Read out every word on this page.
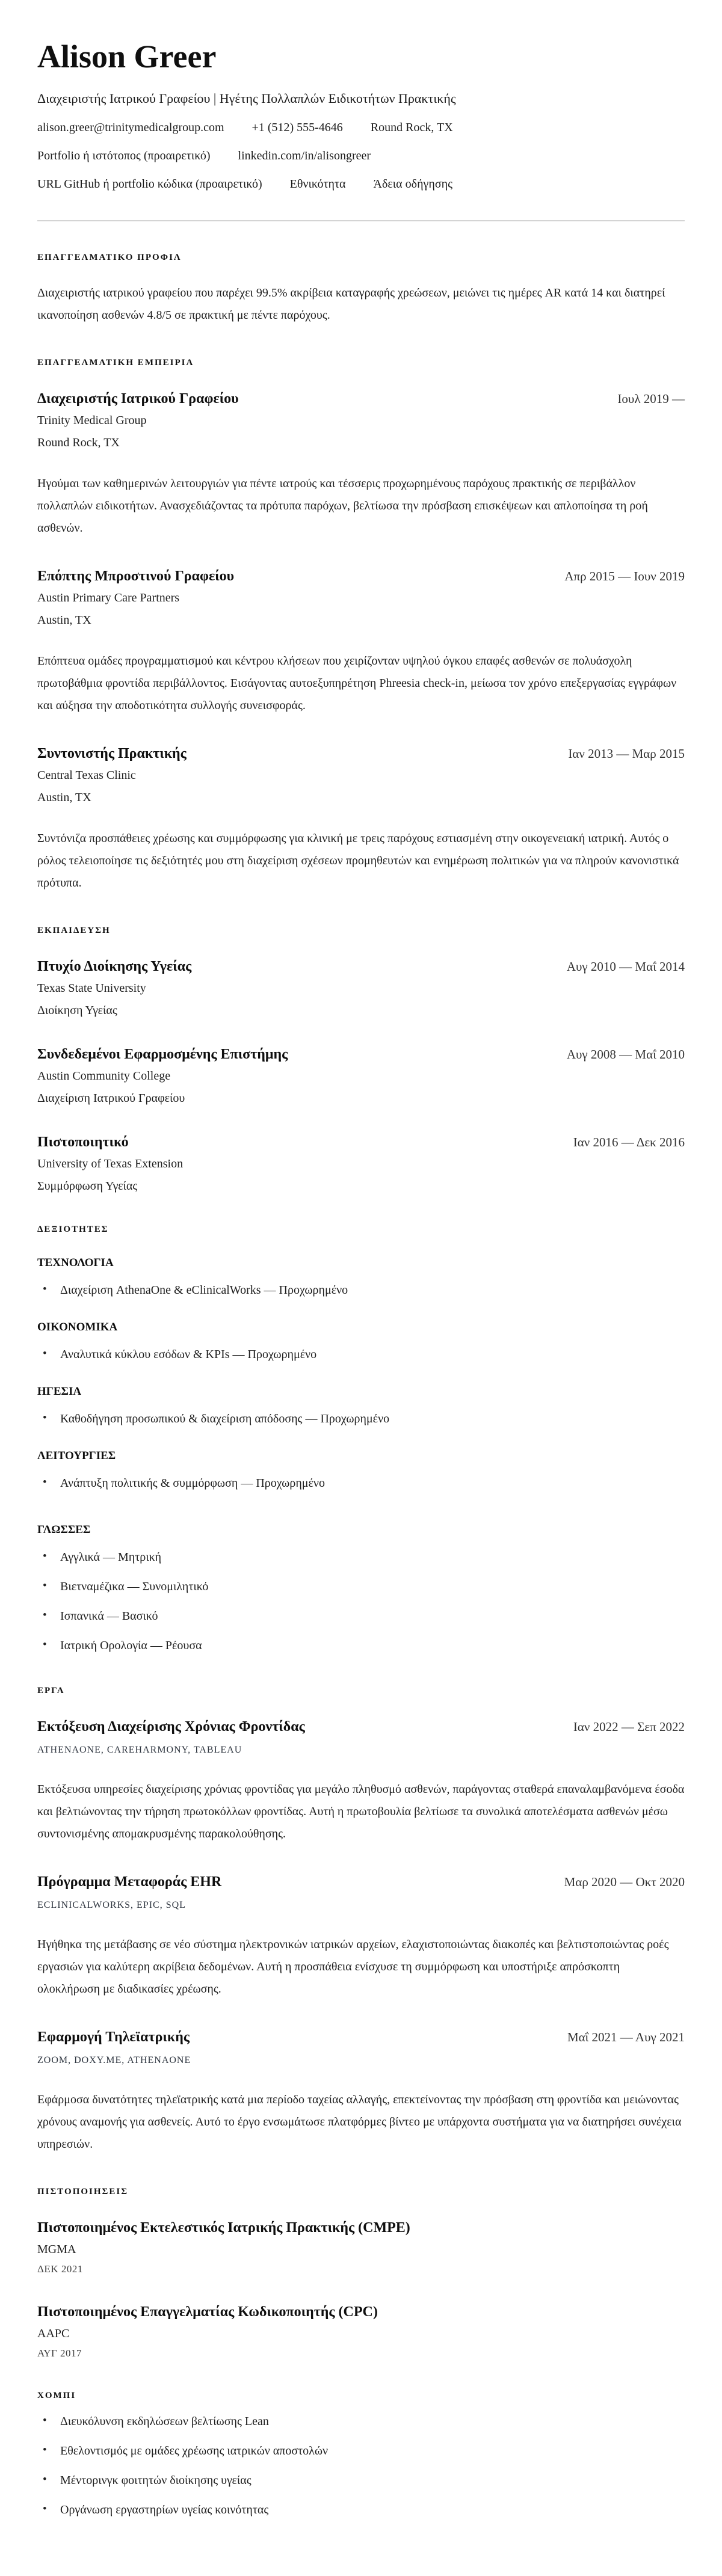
Alison Greer
Διαχειριστής Ιατρικού Γραφείου | Ηγέτης Πολλαπλών Ειδικοτήτων Πρακτικής
alison.greer@trinitymedicalgroup.com +1 (512) 555-4646 Round Rock, TX
Portfolio ή ιστότοπος (προαιρετικό) linkedin.com/in/alisongreer
URL GitHub ή portfolio κώδικα (προαιρετικό) Εθνικότητα Άδεια οδήγησης
ΕΠΑΓΓΕΛΜΑΤΙΚΟ ΠΡΟΦΙΛ
Διαχειριστής ιατρικού γραφείου που παρέχει 99.5% ακρίβεια καταγραφής χρεώσεων, μειώνει τις ημέρες AR κατά 14 και διατηρεί ικανοποίηση ασθενών 4.8/5 σε πρακτική με πέντε παρόχους.
ΕΠΑΓΓΕΛΜΑΤΙΚΗ ΕΜΠΕΙΡΙΑ
Διαχειριστής Ιατρικού Γραφείου	Ιουλ 2019 —
Trinity Medical Group
Round Rock, TX
Ηγούμαι των καθημερινών λειτουργιών για πέντε ιατρούς και τέσσερις προχωρημένους παρόχους πρακτικής σε περιβάλλον πολλαπλών ειδικοτήτων. Ανασχεδιάζοντας τα πρότυπα παρόχων, βελτίωσα την πρόσβαση επισκέψεων και απλοποίησα τη ροή ασθενών.
Επόπτης Μπροστινού Γραφείου	Απρ 2015 — Ιουν 2019
Austin Primary Care Partners
Austin, TX
Επόπτευα ομάδες προγραμματισμού και κέντρου κλήσεων που χειρίζονταν υψηλού όγκου επαφές ασθενών σε πολυάσχολη πρωτοβάθμια φροντίδα περιβάλλοντος. Εισάγοντας αυτοεξυπηρέτηση Phreesia check-in, μείωσα τον χρόνο επεξεργασίας εγγράφων και αύξησα την αποδοτικότητα συλλογής συνεισφοράς.
Συντονιστής Πρακτικής	Ιαν 2013 — Μαρ 2015
Central Texas Clinic
Austin, TX
Συντόνιζα προσπάθειες χρέωσης και συμμόρφωσης για κλινική με τρεις παρόχους εστιασμένη στην οικογενειακή ιατρική. Αυτός ο ρόλος τελειοποίησε τις δεξιότητές μου στη διαχείριση σχέσεων προμηθευτών και ενημέρωση πολιτικών για να πληρούν κανονιστικά πρότυπα.
ΕΚΠΑΙΔΕΥΣΗ
Πτυχίο Διοίκησης Υγείας	Αυγ 2010 — Μαΐ 2014
Texas State University
Διοίκηση Υγείας
Συνδεδεμένοι Εφαρμοσμένης Επιστήμης	Αυγ 2008 — Μαΐ 2010
Austin Community College
Διαχείριση Ιατρικού Γραφείου
Πιστοποιητικό	Ιαν 2016 — Δεκ 2016
University of Texas Extension
Συμμόρφωση Υγείας
ΔΕΞΙΟΤΗΤΕΣ
ΤΕΧΝΟΛΟΓΙΑ
• Διαχείριση AthenaOne & eClinicalWorks — Προχωρημένο
ΟΙΚΟΝΟΜΙΚΑ
• Αναλυτικά κύκλου εσόδων & KPIs — Προχωρημένο
ΗΓΕΣΙΑ
• Καθοδήγηση προσωπικού & διαχείριση απόδοσης — Προχωρημένο
ΛΕΙΤΟΥΡΓΙΕΣ
• Ανάπτυξη πολιτικής & συμμόρφωση — Προχωρημένο
ΓΛΩΣΣΕΣ
• Αγγλικά — Μητρική
• Βιετναμέζικα — Συνομιλητικό
• Ισπανικά — Βασικό
• Ιατρική Ορολογία — Ρέουσα
ΕΡΓΑ
Εκτόξευση Διαχείρισης Χρόνιας Φροντίδας	Ιαν 2022 — Σεπ 2022
ATHENAONE, CAREHARMONY, TABLEAU
Εκτόξευσα υπηρεσίες διαχείρισης χρόνιας φροντίδας για μεγάλο πληθυσμό ασθενών, παράγοντας σταθερά επαναλαμβανόμενα έσοδα και βελτιώνοντας την τήρηση πρωτοκόλλων φροντίδας. Αυτή η πρωτοβουλία βελτίωσε τα συνολικά αποτελέσματα ασθενών μέσω συντονισμένης απομακρυσμένης παρακολούθησης.
Πρόγραμμα Μεταφοράς EHR	Μαρ 2020 — Οκτ 2020
ECLINICALWORKS, EPIC, SQL
Ηγήθηκα της μετάβασης σε νέο σύστημα ηλεκτρονικών ιατρικών αρχείων, ελαχιστοποιώντας διακοπές και βελτιστοποιώντας ροές εργασιών για καλύτερη ακρίβεια δεδομένων. Αυτή η προσπάθεια ενίσχυσε τη συμμόρφωση και υποστήριξε απρόσκοπτη ολοκλήρωση με διαδικασίες χρέωσης.
Εφαρμογή Τηλεϊατρικής	Μαΐ 2021 — Αυγ 2021
ZOOM, DOXY.ME, ATHENAONE
Εφάρμοσα δυνατότητες τηλεϊατρικής κατά μια περίοδο ταχείας αλλαγής, επεκτείνοντας την πρόσβαση στη φροντίδα και μειώνοντας χρόνους αναμονής για ασθενείς. Αυτό το έργο ενσωμάτωσε πλατφόρμες βίντεο με υπάρχοντα συστήματα για να διατηρήσει συνέχεια υπηρεσιών.
ΠΙΣΤΟΠΟΙΗΣΕΙΣ
Πιστοποιημένος Εκτελεστικός Ιατρικής Πρακτικής (CMPE)
MGMA
ΔΕΚ 2021
Πιστοποιημένος Επαγγελματίας Κωδικοποιητής (CPC)
AAPC
ΑΥΓ 2017
ΧΟΜΠΙ
• Διευκόλυνση εκδηλώσεων βελτίωσης Lean
• Εθελοντισμός με ομάδες χρέωσης ιατρικών αποστολών
• Μέντορινγκ φοιτητών διοίκησης υγείας
• Οργάνωση εργαστηρίων υγείας κοινότητας
